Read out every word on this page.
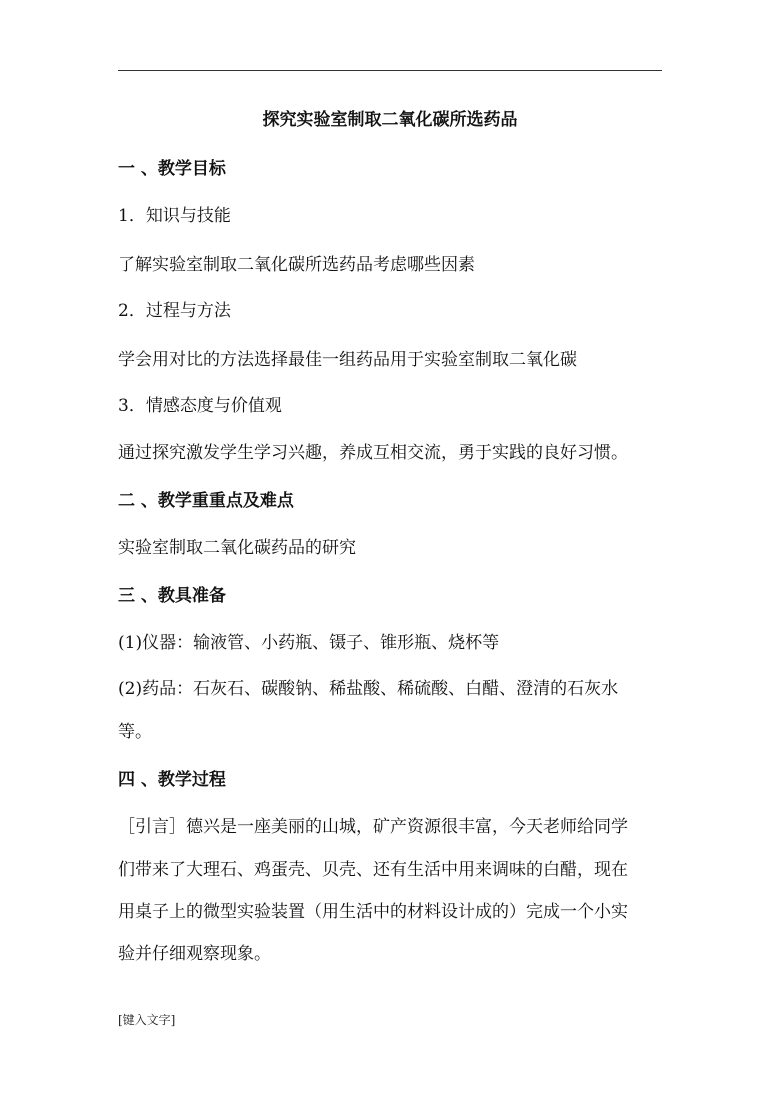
探究实验室制取二氧化碳所选药品
一 、教学目标
1．知识与技能
了解实验室制取二氧化碳所选药品考虑哪些因素
2．过程与方法
学会用对比的方法选择最佳一组药品用于实验室制取二氧化碳
3．情感态度与价值观
通过探究激发学生学习兴趣，养成互相交流，勇于实践的良好习惯。
二 、教学重重点及难点
实验室制取二氧化碳药品的研究
三 、教具准备
(1)仪器：输液管、小药瓶、镊子、锥形瓶、烧杯等
(2)药品：石灰石、碳酸钠、稀盐酸、稀硫酸、白醋、澄清的石灰水
等。
四 、教学过程
［引言］德兴是一座美丽的山城，矿产资源很丰富，今天老师给同学
们带来了大理石、鸡蛋壳、贝壳、还有生活中用来调味的白醋，现在
用桌子上的微型实验装置（用生活中的材料设计成的）完成一个小实
验并仔细观察现象。
[键入文字]
